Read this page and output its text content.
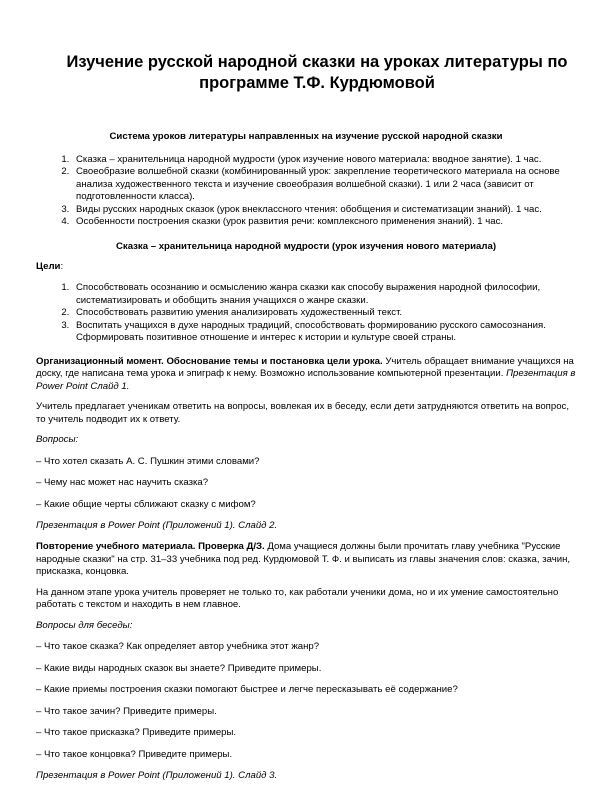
Изучение русской народной сказки на уроках литературы по программе Т.Ф. Курдюмовой
Система уроков литературы направленных на изучение русской народной сказки
1. Сказка – хранительница народной мудрости (урок изучение нового материала: вводное занятие). 1 час.
2. Своеобразие волшебной сказки (комбинированный урок: закрепление теоретического материала на основе анализа художественного текста и изучение своеобразия волшебной сказки). 1 или 2 часа (зависит от подготовленности класса).
3. Виды русских народных сказок (урок внеклассного чтения: обобщения и систематизации знаний). 1 час.
4. Особенности построения сказки (урок развития речи: комплексного применения знаний). 1 час.
Сказка – хранительница народной мудрости (урок изучения нового материала)
Цели:
1. Способствовать осознанию и осмыслению жанра сказки как способу выражения народной философии, систематизировать и обобщить знания учащихся о жанре сказки.
2. Способствовать развитию умения анализировать художественный текст.
3. Воспитать учащихся в духе народных традиций, способствовать формированию русского самосознания. Сформировать позитивное отношение и интерес к истории и культуре своей страны.

Организационный момент. Обоснование темы и постановка цели урока. Учитель обращает внимание учащихся на доску, где написана тема урока и эпиграф к нему. Возможно использование компьютерной презентации. Презентация в Power Point Слайд 1.

Учитель предлагает ученикам ответить на вопросы, вовлекая их в беседу, если дети затрудняются ответить на вопрос, то учитель подводит их к ответу.

Вопросы:

– Что хотел сказать А. С. Пушкин этими словами?

– Чему нас может нас научить сказка?

– Какие общие черты сближают сказку с мифом?

Презентация в Power Point (Приложений 1). Слайд 2.

Повторение учебного материала. Проверка Д/З. Дома учащиеся должны были прочитать главу учебника "Русские народные сказки" на стр. 31–33 учебника под ред. Курдюмовой Т. Ф. и выписать из главы значения слов: сказка, зачин, присказка, концовка.

На данном этапе урока учитель проверяет не только то, как работали ученики дома, но и их умение самостоятельно работать с текстом и находить в нем главное.

Вопросы для беседы:

– Что такое сказка? Как определяет автор учебника этот жанр?

– Какие виды народных сказок вы знаете? Приведите примеры.

– Какие приемы построения сказки помогают быстрее и легче пересказывать её содержание?

– Что такое зачин? Приведите примеры.

– Что такое присказка? Приведите примеры.

– Что такое концовка? Приведите примеры.

Презентация в Power Point (Приложений 1). Слайд 3.
